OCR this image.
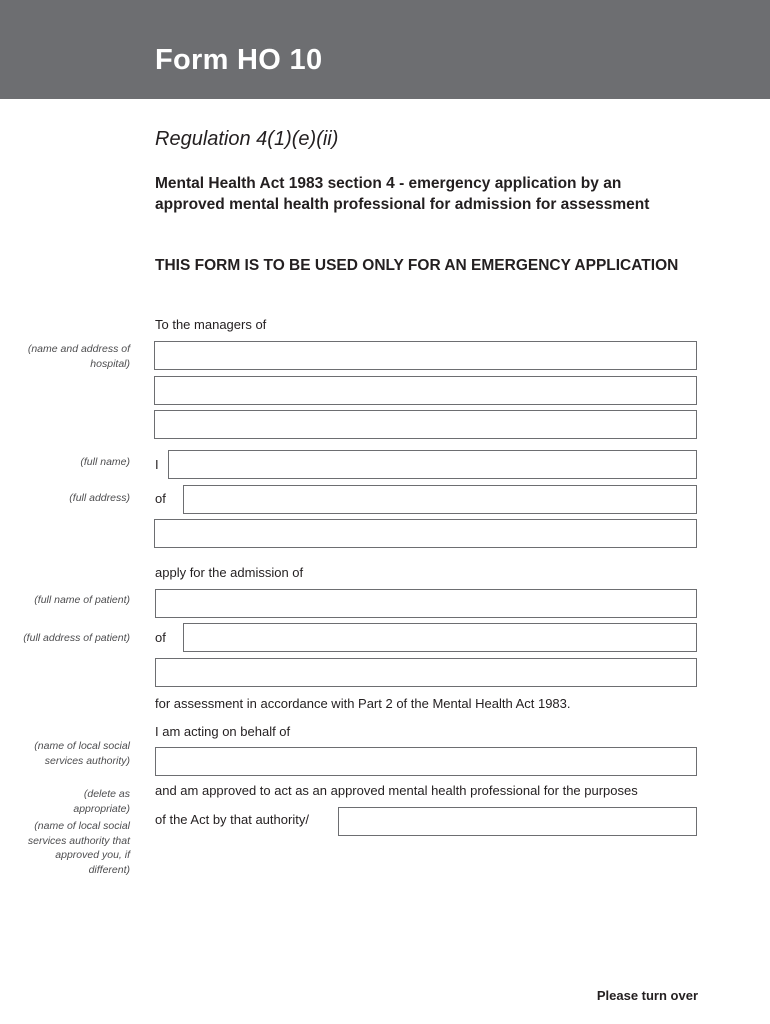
Form HO 10
Regulation 4(1)(e)(ii)
Mental Health Act 1983 section 4 - emergency application by an approved mental health professional for admission for assessment
THIS FORM IS TO BE USED ONLY FOR AN EMERGENCY APPLICATION
To the managers of
(name and address of hospital)
(full name) I
(full address) of
apply for the admission of
(full name of patient)
(full address of patient) of
for assessment in accordance with Part 2 of the Mental Health Act 1983.
I am acting on behalf of
(name of local social services authority)
(delete as appropriate)
and am approved to act as an approved mental health professional for the purposes
of the Act by that authority/
(name of local social services authority that approved you, if different)
Please turn over
